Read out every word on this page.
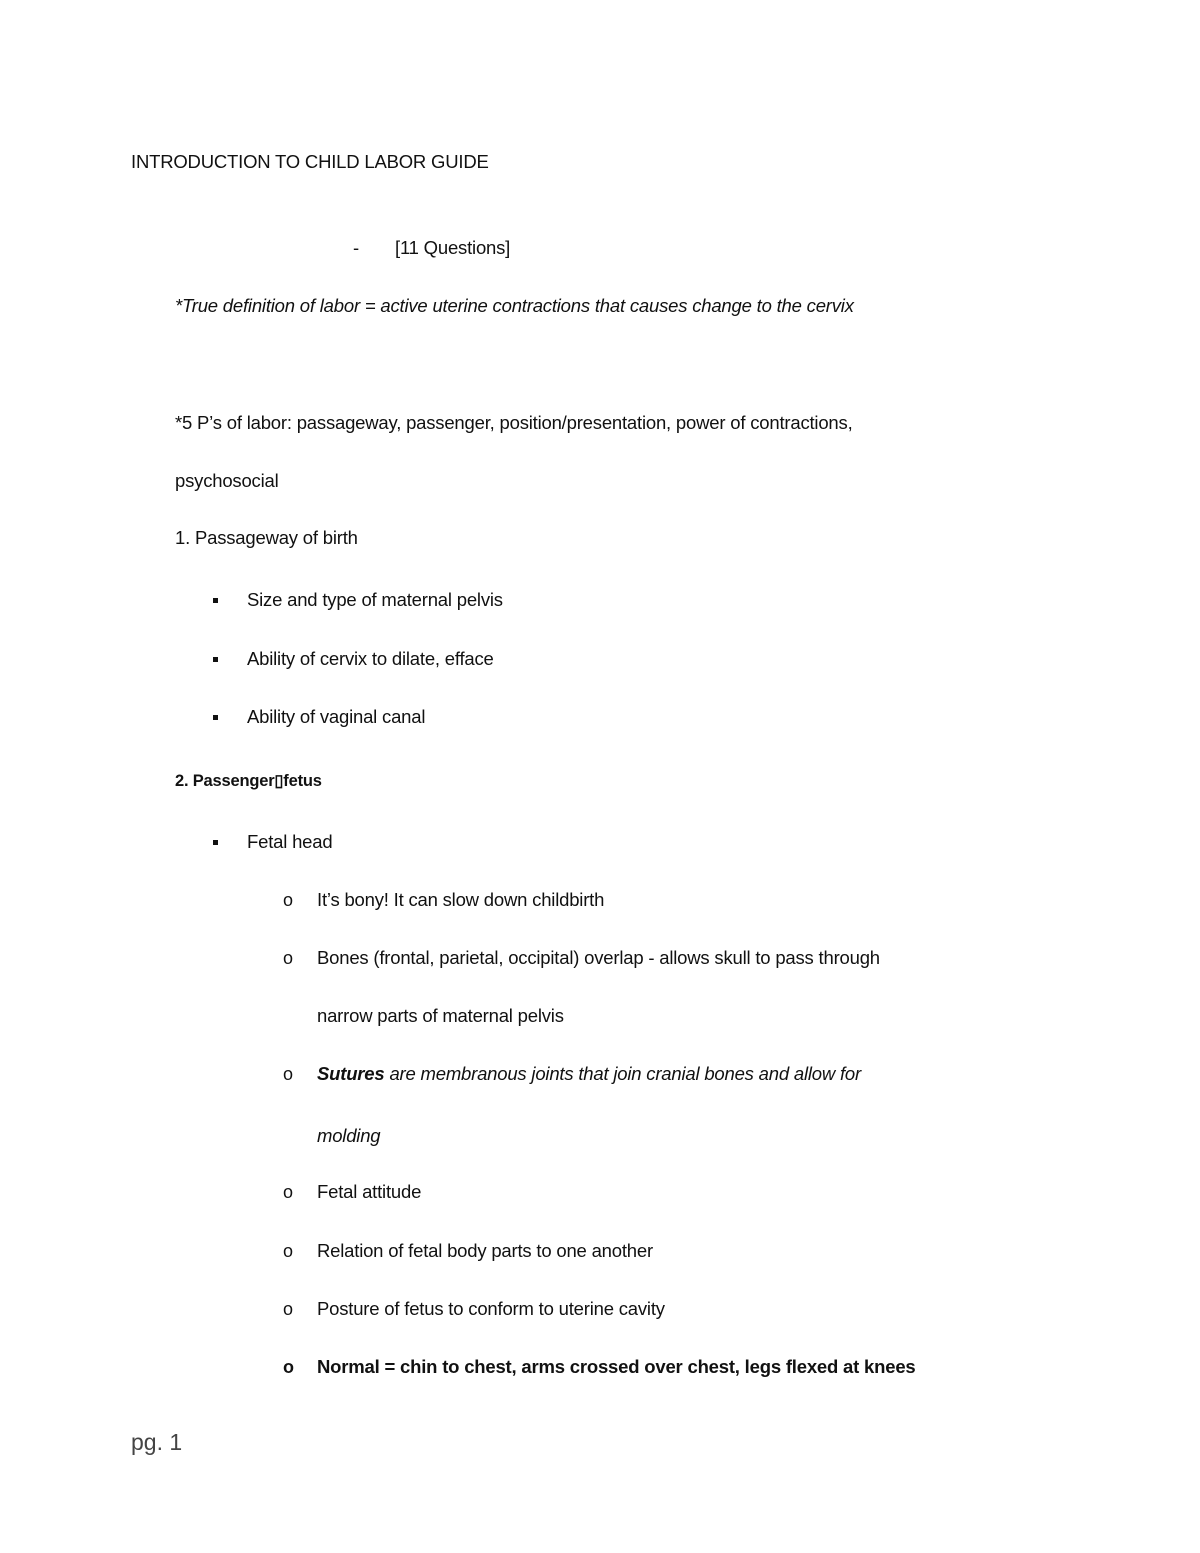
INTRODUCTION TO CHILD LABOR GUIDE
- [11 Questions]
*True definition of labor = active uterine contractions that causes change to the cervix
*5 P’s of labor: passageway, passenger, position/presentation, power of contractions,
psychosocial
1. Passageway of birth
Size and type of maternal pelvis
Ability of cervix to dilate, efface
Ability of vaginal canal
2. Passenger▯fetus
Fetal head
o It’s bony! It can slow down childbirth
o Bones (frontal, parietal, occipital) overlap - allows skull to pass through
narrow parts of maternal pelvis
o Sutures are membranous joints that join cranial bones and allow for
molding
o Fetal attitude
o Relation of fetal body parts to one another
o Posture of fetus to conform to uterine cavity
o Normal = chin to chest, arms crossed over chest, legs flexed at knees
pg. 1
